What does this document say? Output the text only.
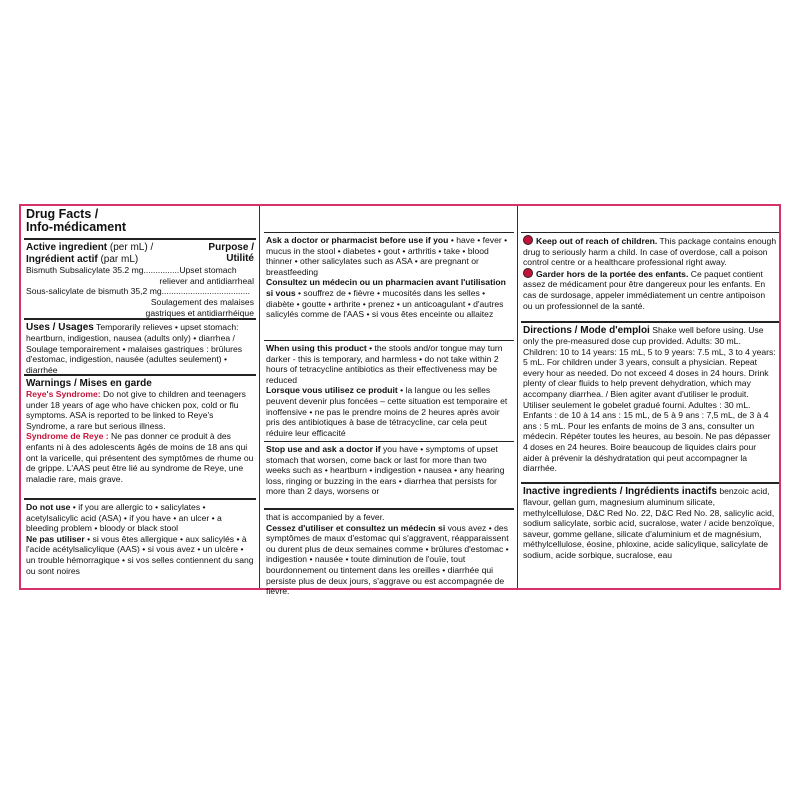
Drug Facts /
Info-médicament
Active ingredient (per mL) /
Ingrédient actif (par mL)
Purpose /
Utilité

Bismuth Subsalicylate 35.2 mg...............Upset stomach

reliever and antidiarrheal

Sous-salicylate de bismuth 35,2 mg.....................................

Soulagement des malaises

gastriques et antidiarrhéique

Uses / Usages Temporarily relieves • upset stomach: heartburn, indigestion, nausea (adults only) • diarrhea / Soulage temporairement • malaises gastriques : brûlures d'estomac, indigestion, nausée (adultes seulement) • diarrhée

Warnings / Mises en garde

Reye's Syndrome: Do not give to children and teenagers under 18 years of age who have chicken pox, cold or flu symptoms. ASA is reported to be linked to Reye's Syndrome, a rare but serious illness.

Syndrome de Reye : Ne pas donner ce produit à des enfants ni à des adolescents âgés de moins de 18 ans qui ont la varicelle, qui présentent des symptômes de rhume ou de grippe. L'AAS peut être lié au syndrome de Reye, une maladie rare, mais grave.

Do not use • if you are allergic to • salicylates • acetylsalicylic acid (ASA) • if you have • an ulcer • a bleeding problem • bloody or black stool

Ne pas utiliser • si vous êtes allergique • aux salicylés • à l'acide acétylsalicylique (AAS) • si vous avez • un ulcère • un trouble hémorragique • si vos selles contiennent du sang ou sont noires

Ask a doctor or pharmacist before use if you • have • fever • mucus in the stool • diabetes • gout • arthritis • take • blood thinner • other salicylates such as ASA • are pregnant or breastfeeding

Consultez un médecin ou un pharmacien avant l'utilisation si vous • souffrez de • fièvre • mucosités dans les selles • diabète • goutte • arthrite • prenez • un anticoagulant • d'autres salicylés comme de l'AAS • si vous êtes enceinte ou allaitez

When using this product • the stools and/or tongue may turn darker - this is temporary, and harmless • do not take within 2 hours of tetracycline antibiotics as their effectiveness may be reduced

Lorsque vous utilisez ce produit • la langue ou les selles peuvent devenir plus foncées – cette situation est temporaire et inoffensive • ne pas le prendre moins de 2 heures après avoir pris des antibiotiques à base de tétracycline, car cela peut réduire leur efficacité

Stop use and ask a doctor if you have • symptoms of upset stomach that worsen, come back or last for more than two weeks such as • heartburn • indigestion • nausea • any hearing loss, ringing or buzzing in the ears • diarrhea that persists for more than 2 days, worsens or

that is accompanied by a fever.

Cessez d'utiliser et consultez un médecin si vous avez • des symptômes de maux d'estomac qui s'aggravent, réapparaissent ou durent plus de deux semaines comme • brûlures d'estomac • indigestion • nausée • toute diminution de l'ouïe, tout bourdonnement ou tintement dans les oreilles • diarrhée qui persiste plus de deux jours, s'aggrave ou est accompagnée de fièvre.

Keep out of reach of children. This package contains enough drug to seriously harm a child. In case of overdose, call a poison control centre or a healthcare professional right away.

Garder hors de la portée des enfants. Ce paquet contient assez de médicament pour être dangereux pour les enfants. En cas de surdosage, appeler immédiatement un centre antipoison ou un professionnel de la santé.

Directions / Mode d'emploi Shake well before using. Use only the pre-measured dose cup provided. Adults: 30 mL. Children: 10 to 14 years: 15 mL, 5 to 9 years: 7.5 mL, 3 to 4 years: 5 mL. For children under 3 years, consult a physician. Repeat every hour as needed. Do not exceed 4 doses in 24 hours. Drink plenty of clear fluids to help prevent dehydration, which may accompany diarrhea. / Bien agiter avant d'utiliser le produit. Utiliser seulement le gobelet gradué fourni. Adultes : 30 mL. Enfants : de 10 à 14 ans : 15 mL, de 5 à 9 ans : 7,5 mL, de 3 à 4 ans : 5 mL. Pour les enfants de moins de 3 ans, consulter un médecin. Répéter toutes les heures, au besoin. Ne pas dépasser 4 doses en 24 heures. Boire beaucoup de liquides clairs pour aider à prévenir la déshydratation qui peut accompagner la diarrhée.

Inactive ingredients / Ingrédients inactifs benzoic acid, flavour, gellan gum, magnesium aluminum silicate, methylcellulose, D&C Red No. 22, D&C Red No. 28, salicylic acid, sodium salicylate, sorbic acid, sucralose, water / acide benzoïque, saveur, gomme gellane, silicate d'aluminium et de magnésium, méthylcellulose, éosine, phloxine, acide salicylique, salicylate de sodium, acide sorbique, sucralose, eau
